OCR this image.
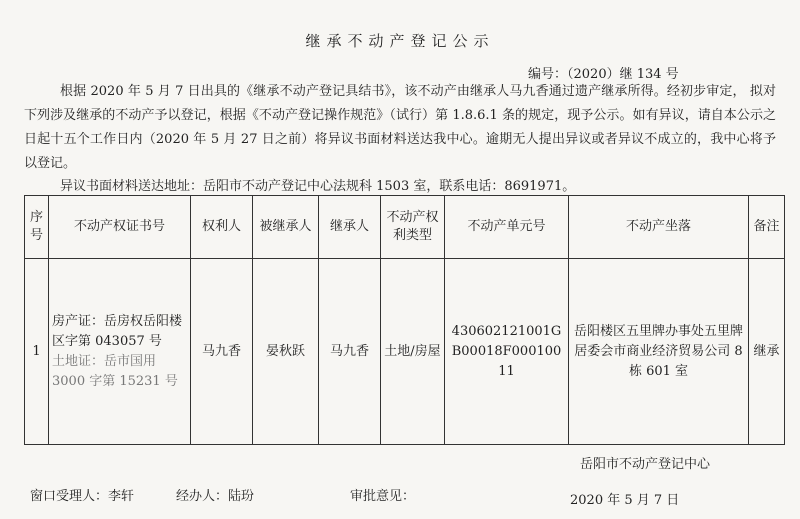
继承不动产登记公示
编号：（2020）继 134 号

根据 2020 年 5 月 7 日出具的《继承不动产登记具结书》，该不动产由继承人马九香通过遗产继承所得。经初步审定， 拟对下列涉及继承的不动产予以登记，根据《不动产登记操作规范》（试行）第 1.8.6.1 条的规定，现予公示。如有异议，请自本公示之日起十五个工作日内（2020 年 5 月 27 日之前）将异议书面材料送达我中心。逾期无人提出异议或者异议不成立的，我中心将予以登记。

异议书面材料送达地址：岳阳市不动产登记中心法规科 1503 室，联系电话：8691971。
序号	不动产权证书号	权利人	被继承人	继承人	不动产权利类型	不动产单元号	不动产坐落	备注
1	房产证：岳房权岳阳楼区字第 043057 号
土地证：岳市国用3000 字第 15231 号	马九香	晏秋跃	马九香	土地/房屋	430602121001GB00018F00010011	岳阳楼区五里牌办事处五里牌居委会市商业经济贸易公司 8 栋 601 室	继承
岳阳市不动产登记中心
窗口受理人：李轩	经办人：陆玢	审批意见：	2020 年 5 月 7 日
